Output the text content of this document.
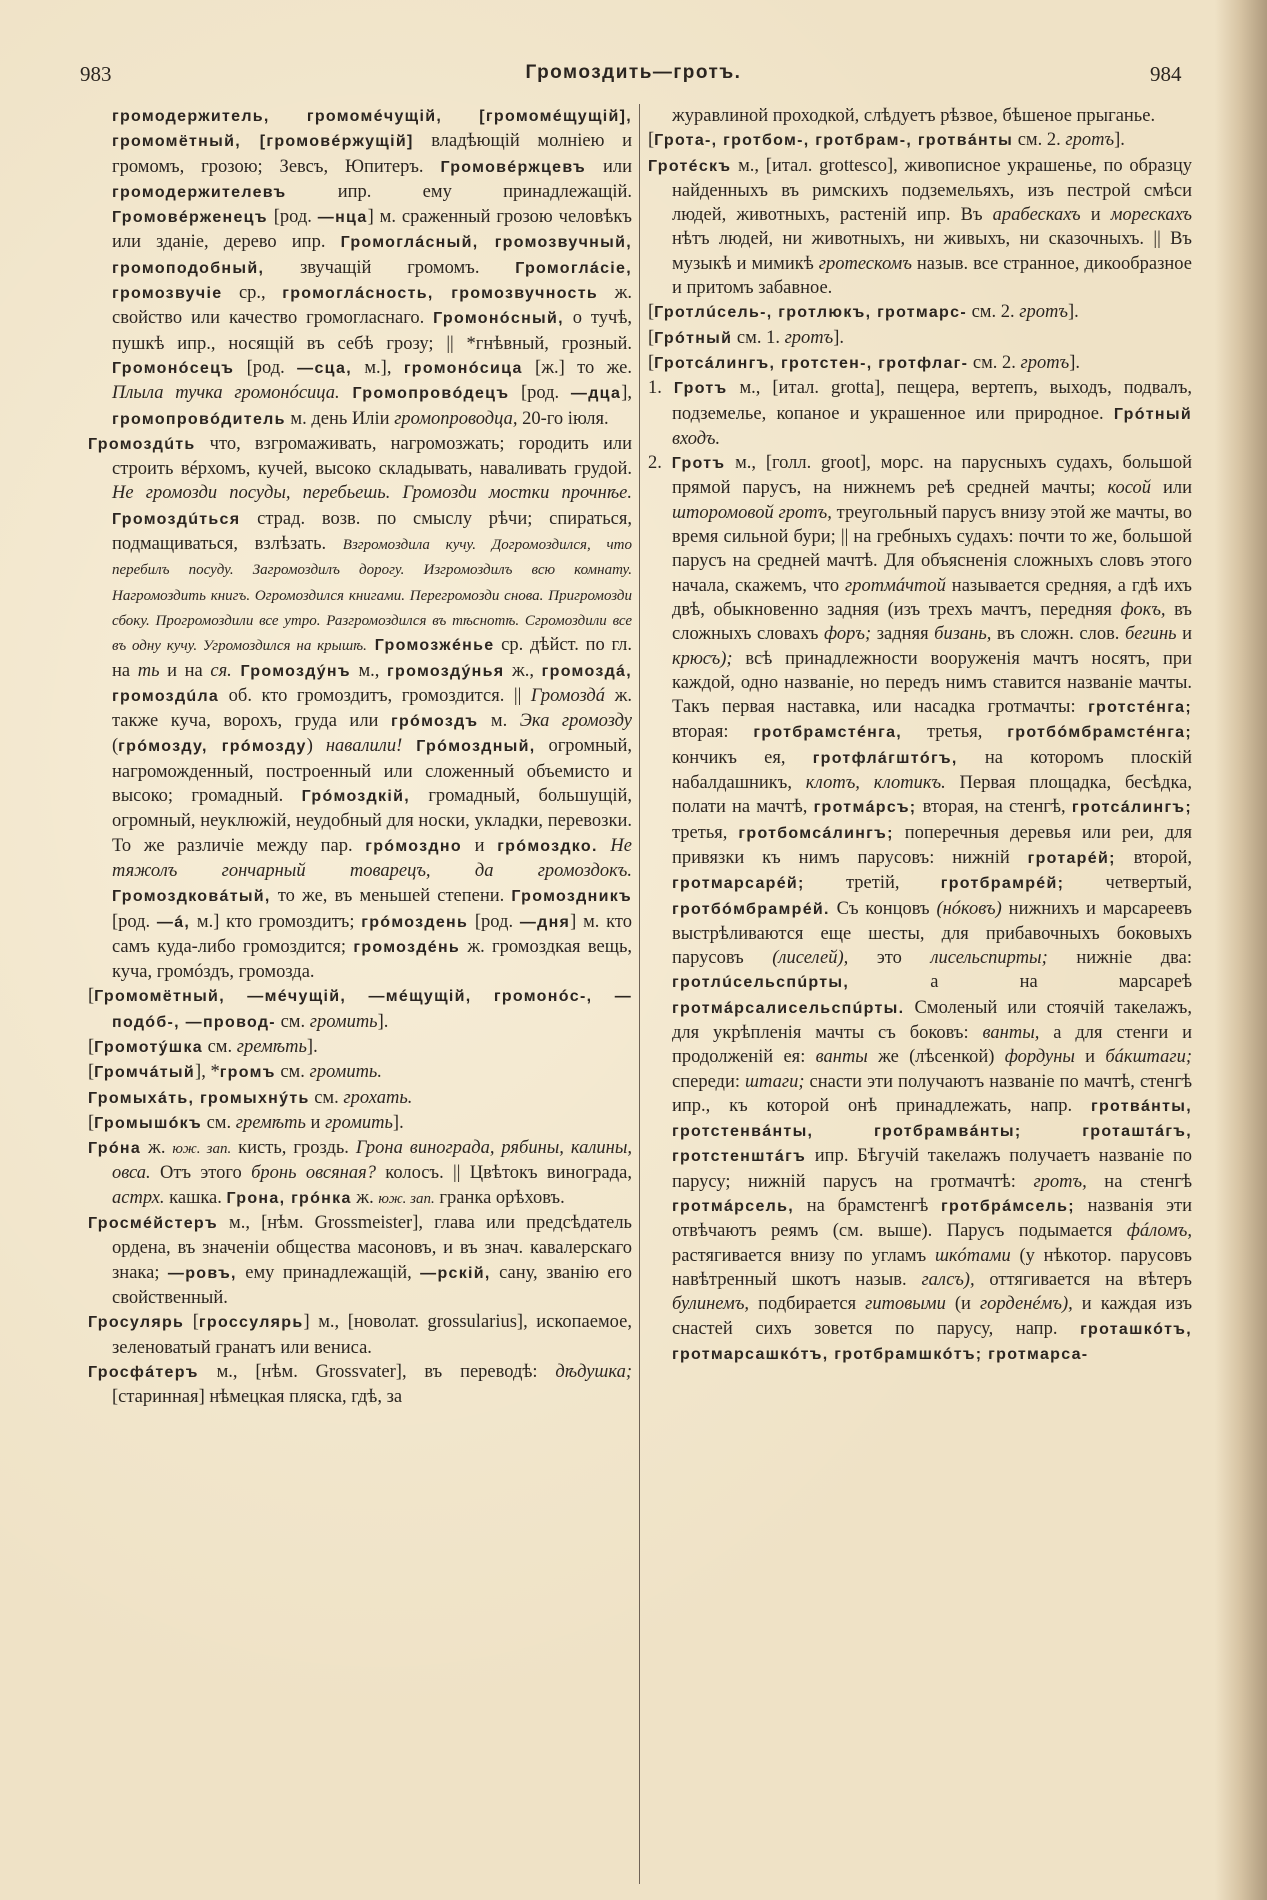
983	Громоздить—гротъ.	984

громодержитель, громомéчущій, [громомéщущій], громомётный, [громовéржущій] владѣющій молніею и громомъ, грозою; Зевсъ, Юпитеръ. Громовéржцевъ или громодержителевъ ипр. ему принадлежащій. Громовéрженецъ [род. —нца] м. сраженный грозою человѣкъ или зданіе, дерево ипр. Громоглáсный, громозвучный, громоподобный, звучащій громомъ. Громоглáсіе, громозвучіе ср., громоглáсность, громозвучность ж. свойство или качество громогласнаго. Громонóсный, о тучѣ, пушкѣ ипр., носящій въ себѣ грозу; || *гнѣвный, грозный. Громонóсецъ [род. —сца, м.], громонóсица [ж.] то же. Плыла тучка громонóсица. Громопровóдецъ [род. —дца], громопровóдитель м. день Иліи громопроводца, 20-го іюля.

Громоздúть что, взгромаживать, нагромозжать; городить или строить вéрхомъ, кучей, высоко складывать, наваливать грудой. Не громозди посуды, перебьешь. Громозди мостки прочнѣе. Громоздúться страд. возв. по смыслу рѣчи; спираться, подмащиваться, взлѣзать. Взгромоздила кучу. Догромоздился, что перебилъ посуду. Загромоздилъ дорогу. Изгромоздилъ всю комнату. Нагромоздить книгъ. Огромоздился книгами. Перегромозди снова. Пригромозди сбоку. Прогромоздили все утро. Разгромоздился въ тѣснотѣ. Сгромоздили все въ одну кучу. Угромоздился на крышѣ. Громозжéнье ср. дѣйст. по гл. на ть и на ся. Громоздýнъ м., громоздýнья ж., громоздá, громоздúла об. кто громоздитъ, громоздится. || Громоздá ж. также куча, ворохъ, груда или грóмоздъ м. Эка громозду (грóмозду, грóмозду) навалили! Грóмоздный, огромный, нагроможденный, построенный или сложенный объемисто и высоко; громадный. Грóмоздкій, громадный, большущій, огромный, неуклюжій, неудобный для носки, укладки, перевозки. То же различіе между пар. грóмоздно и грóмоздко. Не тяжолъ гончарный товарецъ, да громоздокъ. Громоздковáтый, то же, въ меньшей степени. Громоздникъ [род. —á, м.] кто громоздитъ; грóмоздень [род. —дня] м. кто самъ куда-либо громоздится; громоздéнь ж. громоздкая вещь, куча, громóздъ, громозда.

[Громомётный, —мéчущій, —мéщущій, громонóс-, —подóб-, —провод- см. громить].

[Громотýшка см. гремѣть].

[Громчáтый], *громъ см. громить.

Громыхáть, громыхнýть см. грохать.

[Громышóкъ см. гремѣть и громить].

Грóна ж. юж. зап. кисть, гроздь. Грона винограда, рябины, калины, овса. Отъ этого бронь овсяная? колосъ. || Цвѣтокъ винограда, астрх. кашка. Грона, грóнка ж. юж. зап. гранка орѣховъ.

Гросмéйстеръ м., [нѣм. Grossmeister], глава или предсѣдатель ордена, въ значеніи общества масоновъ, и въ знач. кавалерскаго знака; —ровъ, ему принадлежащій, —рскій, сану, званію его свойственный.

Гросулярь [гроссулярь] м., [новолат. grossularius], ископаемое, зеленоватый гранатъ или вениса.

Гросфáтеръ м., [нѣм. Grossvater], въ переводѣ: дѣдушка; [старинная] нѣмецкая пляска, гдѣ, за

журавлиной проходкой, слѣдуетъ рѣзвое, бѣшеное прыганье.

[Грота-, гротбом-, гротбрам-, гротвáнты см. 2. гротъ].

Гротéскъ м., [итал. grottesco], живописное украшенье, по образцу найденныхъ въ римскихъ подземельяхъ, изъ пестрой смѣси людей, животныхъ, растеній ипр. Въ арабескахъ и морескахъ нѣтъ людей, ни животныхъ, ни живыхъ, ни сказочныхъ. || Въ музыкѣ и мимикѣ гротескомъ назыв. все странное, дикообразное и притомъ забавное.

[Гротлúсель-, гротлюкъ, гротмарс- см. 2. гротъ].

[Грóтный см. 1. гротъ].

[Гротсáлингъ, гротстен-, гротфлаг- см. 2. гротъ].

1. Гротъ м., [итал. grotta], пещера, вертепъ, выходъ, подвалъ, подземелье, копаное и украшенное или природное. Грóтный входъ.

2. Гротъ м., [голл. groot], морс. на парусныхъ судахъ, большой прямой парусъ, на нижнемъ реѣ средней мачты; косой или шторомовой гротъ, треугольный парусъ внизу этой же мачты, во время сильной бури; || на гребныхъ судахъ: почти то же, большой парусъ на средней мачтѣ. Для объясненія сложныхъ словъ этого начала, скажемъ, что гротмáчтой называется средняя, а гдѣ ихъ двѣ, обыкновенно задняя (изъ трехъ мачтъ, передняя фокъ, въ сложныхъ словахъ форъ; задняя бизань, въ сложн. слов. бегинь и крюсъ); всѣ принадлежности вооруженія мачтъ носятъ, при каждой, одно названіе, но передъ нимъ ставится названіе мачты. Такъ первая наставка, или насадка гротмачты: гротстéнга; вторая: гротбрамстéнга, третья, гротбóмбрамстéнга; кончикъ ея, гротфлáгштóгъ, на которомъ плоскій набалдашникъ, клотъ, клотикъ. Первая площадка, бесѣдка, полати на мачтѣ, гротмáрсъ; вторая, на стенгѣ, гротсáлингъ; третья, гротбомсáлингъ; поперечныя деревья или реи, для привязки къ нимъ парусовъ: нижній гротарéй; второй, гротмарсарéй; третій, гротбрамрéй; четвертый, гротбóмбрамрéй. Съ концовъ (нóковъ) нижнихъ и марсареевъ выстрѣливаются еще шесты, для прибавочныхъ боковыхъ парусовъ (лиселей), это лисельспирты; нижніе два: гротлúсельспúрты, а на марсареѣ гротмáрсалисельспúрты. Смоленый или стоячій такелажъ, для укрѣпленія мачты съ боковъ: ванты, а для стенги и продолженій ея: ванты же (лѣсенкой) фордуны и бáкштаги; спереди: штаги; снасти эти получаютъ названіе по мачтѣ, стенгѣ ипр., къ которой онѣ принадлежать, напр. гротвáнты, гротстенвáнты, гротбрамвáнты; гроташтáгъ, гротстенштáгъ ипр. Бѣгучій такелажъ получаетъ названіе по парусу; нижній парусъ на гротмачтѣ: гротъ, на стенгѣ гротмáрсель, на брамстенгѣ гротбрáмсель; названія эти отвѣчаютъ реямъ (см. выше). Парусъ подымается фáломъ, растягивается внизу по угламъ шкóтами (у нѣкотор. парусовъ навѣтренный шкотъ назыв. галсъ), оттягивается на вѣтеръ булинемъ, подбирается гитовыми (и горденéмъ), и каждая изъ снастей сихъ зовется по парусу, напр. гроташкóтъ, гротмарсашкóтъ, гротбрамшкóтъ; гротмарса-
